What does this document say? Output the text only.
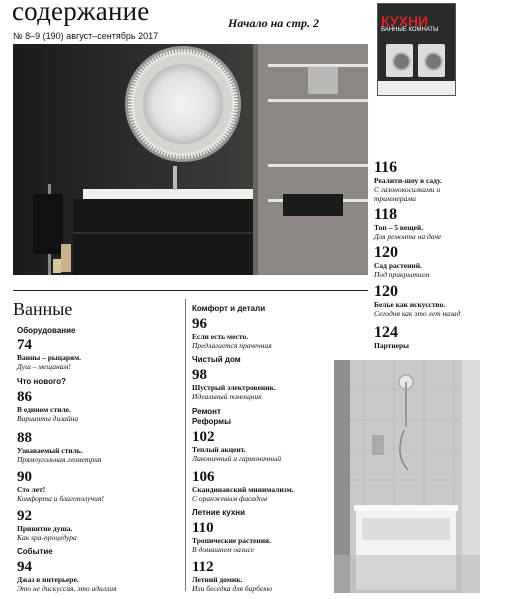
содержание
№ 8–9 (190) август–сентябрь 2017
Начало на стр. 2	КУХНИ
ВАННЫЕ КОМНАТЫ
116
Реалити-шоу в саду.
С газонокосилками и триммерами
118
Топ – 5 вещей.
Для ремонта на даче
120
Сад растений.
Под прикрытием
120
Белье как искусство.
Сегодня как это лет назад
124
Партнеры
Ванные
Оборудование
74
Ванны – рыцарям.
Душ – мещанам!
Что нового?
86
В едином стиле.
Варианты дизайна
88
Узнаваемый стиль.
Прямоугольная геометрия
90
Сто лет!
Комфорта и благополучия!
92
Принятие душа.
Как spa-процедура
Событие
94
Джаз в интерьере.
Это не дискуссия, это идиллия
Комфорт и детали
96
Если есть место.
Предлагается прачечная
Чистый дом
98
Шустрый электровеник.
Идеальный помощник
Ремонт
Реформы
102
Теплый акцент.
Лаконичный и гармоничный
106
Скандинавский минимализм.
С оранжевым фасадом
Летние кухни
110
Тропические растения.
В домашнем оазисе
112
Летний домик.
Или беседка для барбекю
